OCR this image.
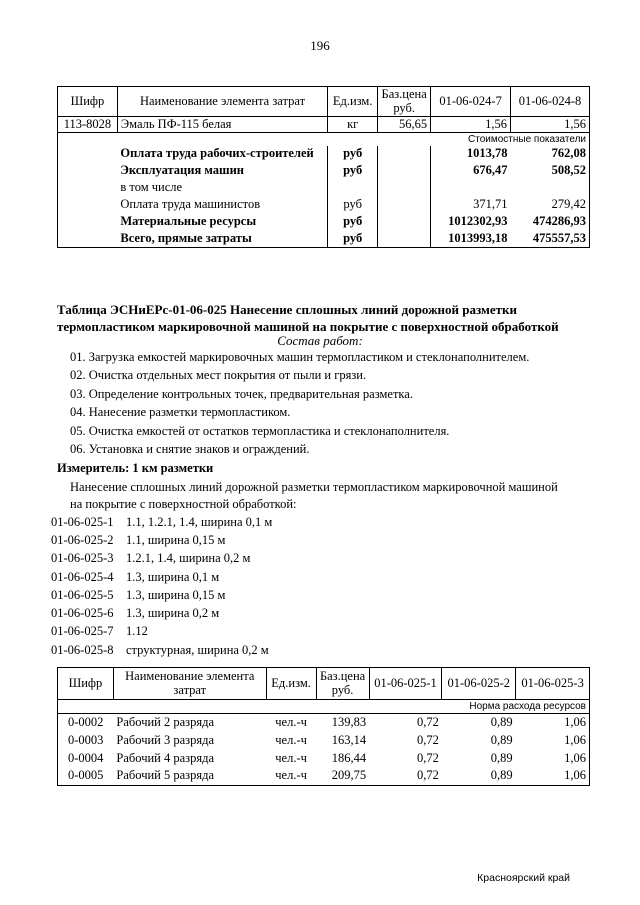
196
Шифр	Наименование элемента затрат	Ед.изм.	Баз.цена руб.	01-06-024-7	01-06-024-8
113-8028	Эмаль ПФ-115 белая	кг	56,65	1,56	1,56
				Стоимостные показатели	
	Оплата труда рабочих-строителей	руб		1013,78	762,08
	Эксплуатация машин	руб		676,47	508,52
	в том числе				
	Оплата труда машинистов	руб		371,71	279,42
	Материальные ресурсы	руб		1012302,93	474286,93
	Всего, прямые затраты	руб		1013993,18	475557,53
Таблица ЭСНиЕРс-01-06-025 Нанесение сплошных линий дорожной разметки термопластиком маркировочной машиной на покрытие с поверхностной обработкой
Состав работ:
01. Загрузка емкостей маркировочных машин термопластиком и стеклонаполнителем.
02. Очистка отдельных мест покрытия от пыли и грязи.
03. Определение контрольных точек, предварительная разметка.
04. Нанесение разметки термопластиком.
05. Очистка емкостей от остатков термопластика и стеклонаполнителя.
06. Установка и снятие знаков и ограждений.
Измеритель: 1 км разметки
Нанесение сплошных линий дорожной разметки термопластиком маркировочной машиной на покрытие с поверхностной обработкой:
01-06-025-1 1.1, 1.2.1, 1.4, ширина 0,1 м
01-06-025-2 1.1, ширина 0,15 м
01-06-025-3 1.2.1, 1.4, ширина 0,2 м
01-06-025-4 1.3, ширина 0,1 м
01-06-025-5 1.3, ширина 0,15 м
01-06-025-6 1.3, ширина 0,2 м
01-06-025-7 1.12
01-06-025-8 структурная, ширина 0,2 м
Шифр	Наименование элемента затрат	Ед.изм.	Баз.цена руб.	01-06-025-1	01-06-025-2	01-06-025-3
					Норма расхода ресурсов	
0-0002	Рабочий 2 разряда	чел.-ч	139,83	0,72	0,89	1,06
0-0003	Рабочий 3 разряда	чел.-ч	163,14	0,72	0,89	1,06
0-0004	Рабочий 4 разряда	чел.-ч	186,44	0,72	0,89	1,06
0-0005	Рабочий 5 разряда	чел.-ч	209,75	0,72	0,89	1,06
Красноярский край
